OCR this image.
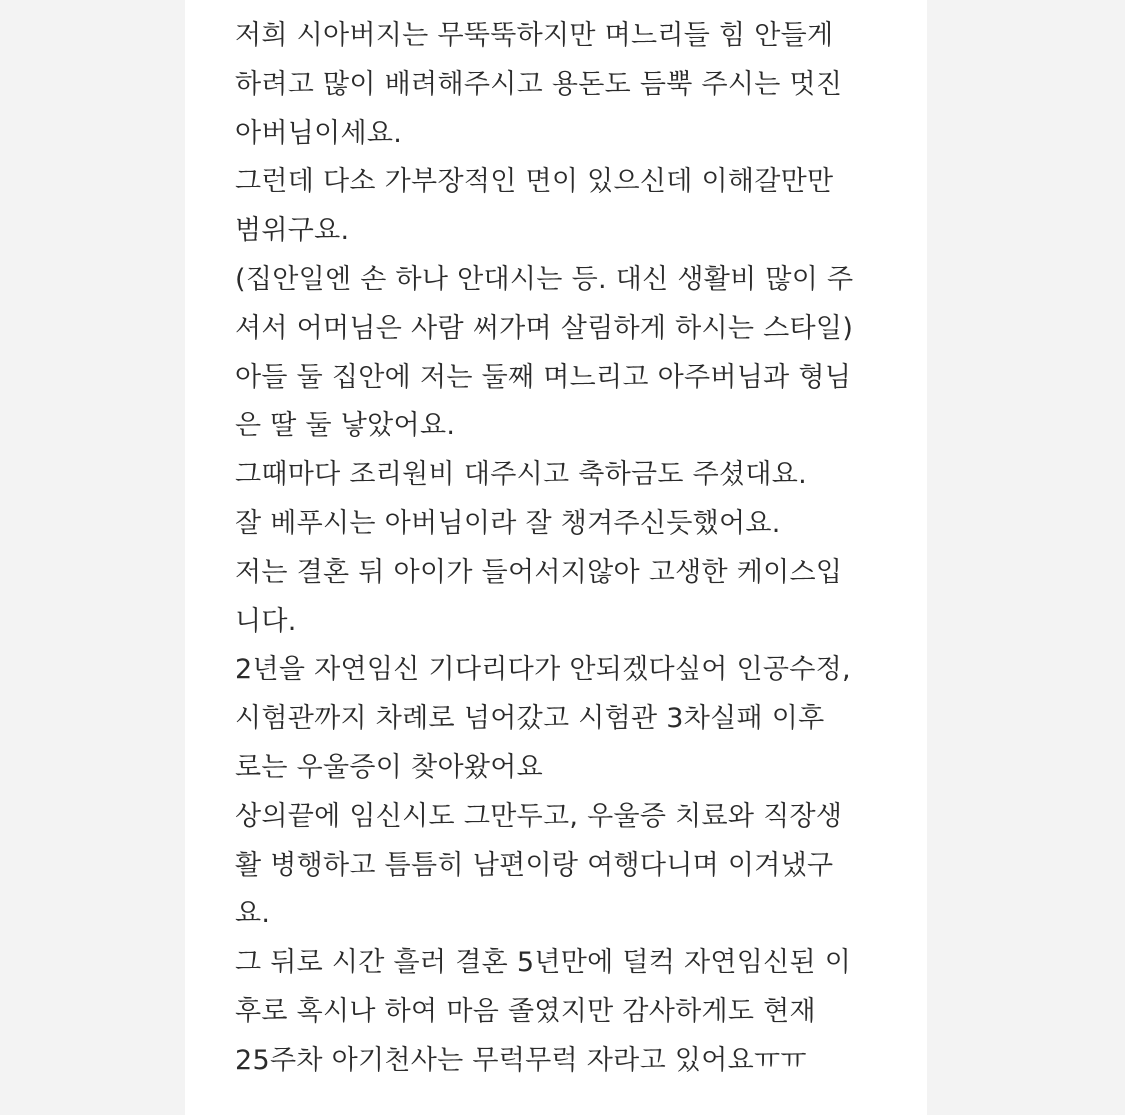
저희 시아버지는 무뚝뚝하지만 며느리들 힘 안들게
하려고 많이 배려해주시고 용돈도 듬뿍 주시는 멋진
아버님이세요.
그런데 다소 가부장적인 면이 있으신데 이해갈만만
범위구요.
(집안일엔 손 하나 안대시는 등. 대신 생활비 많이 주
셔서 어머님은 사람 써가며 살림하게 하시는 스타일)
아들 둘 집안에 저는 둘째 며느리고 아주버님과 형님
은 딸 둘 낳았어요.
그때마다 조리원비 대주시고 축하금도 주셨대요.
잘 베푸시는 아버님이라 잘 챙겨주신듯했어요.
저는 결혼 뒤 아이가 들어서지않아 고생한 케이스입
니다.
2년을 자연임신 기다리다가 안되겠다싶어 인공수정,
시험관까지 차례로 넘어갔고 시험관 3차실패 이후
로는 우울증이 찾아왔어요
상의끝에 임신시도 그만두고, 우울증 치료와 직장생
활 병행하고 틈틈히 남편이랑 여행다니며 이겨냈구
요.
그 뒤로 시간 흘러 결혼 5년만에 덜컥 자연임신된 이
후로 혹시나 하여 마음 졸였지만 감사하게도 현재
25주차 아기천사는 무럭무럭 자라고 있어요ㅠㅠ
